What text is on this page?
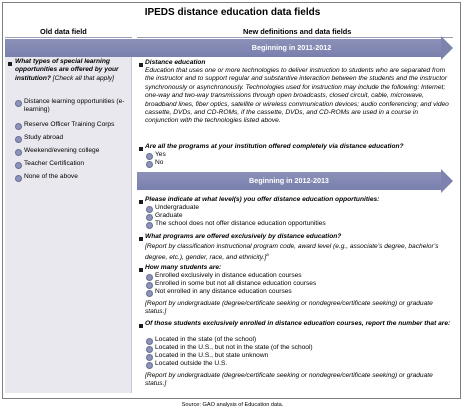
IPEDS distance education data fields
Old data field	New definitions and data fields
What types of special learning opportunities are offered by your institution? [Check all that apply]
Distance learning opportunities (e-learning)
Reserve Officer Training Corps
Study abroad
Weekend/evening college
Teacher Certification
None of the above
Beginning in 2011-2012
Distance education
Education that uses one or more technologies to deliver instruction to students who are separated from the instructor and to support regular and substantive interaction between the students and the instructor synchronously or asynchronously. Technologies used for instruction may include the following: Internet; one-way and two-way transmissions through open broadcasts, closed circuit, cable, microwave, broadband lines, fiber optics, satellite or wireless communication devices; audio conferencing; and video cassette, DVDs, and CD-ROMs, if the cassette, DVDs, and CD-ROMs are used in a course in conjunction with the technologies listed above.
Are all the programs at your institution offered completely via distance education?
Yes
No
Beginning in 2012-2013
Please indicate at what level(s) you offer distance education opportunities:
Undergraduate
Graduate
The school does not offer distance education opportunities
What programs are offered exclusively by distance education?
[Report by classification instructional program code, award level (e.g., associate’s degree, bachelor’s degree, etc.), gender, race, and ethnicity.]$^a$
How many students are:
Enrolled exclusively in distance education courses
Enrolled in some but not all distance education courses
Not enrolled in any distance education courses
[Report by undergraduate (degree/certificate seeking or nondegree/certificate seeking) or graduate status.]
Of those students exclusively enrolled in distance education courses, report the number that are:
Located in the state (of the school)
Located in the U.S., but not in the state (of the school)
Located in the U.S., but state unknown
Located outside the U.S.
[Report by undergraduate (degree/certificate seeking or nondegree/certificate seeking) or graduate status.]
Source: GAO analysis of Education data.
